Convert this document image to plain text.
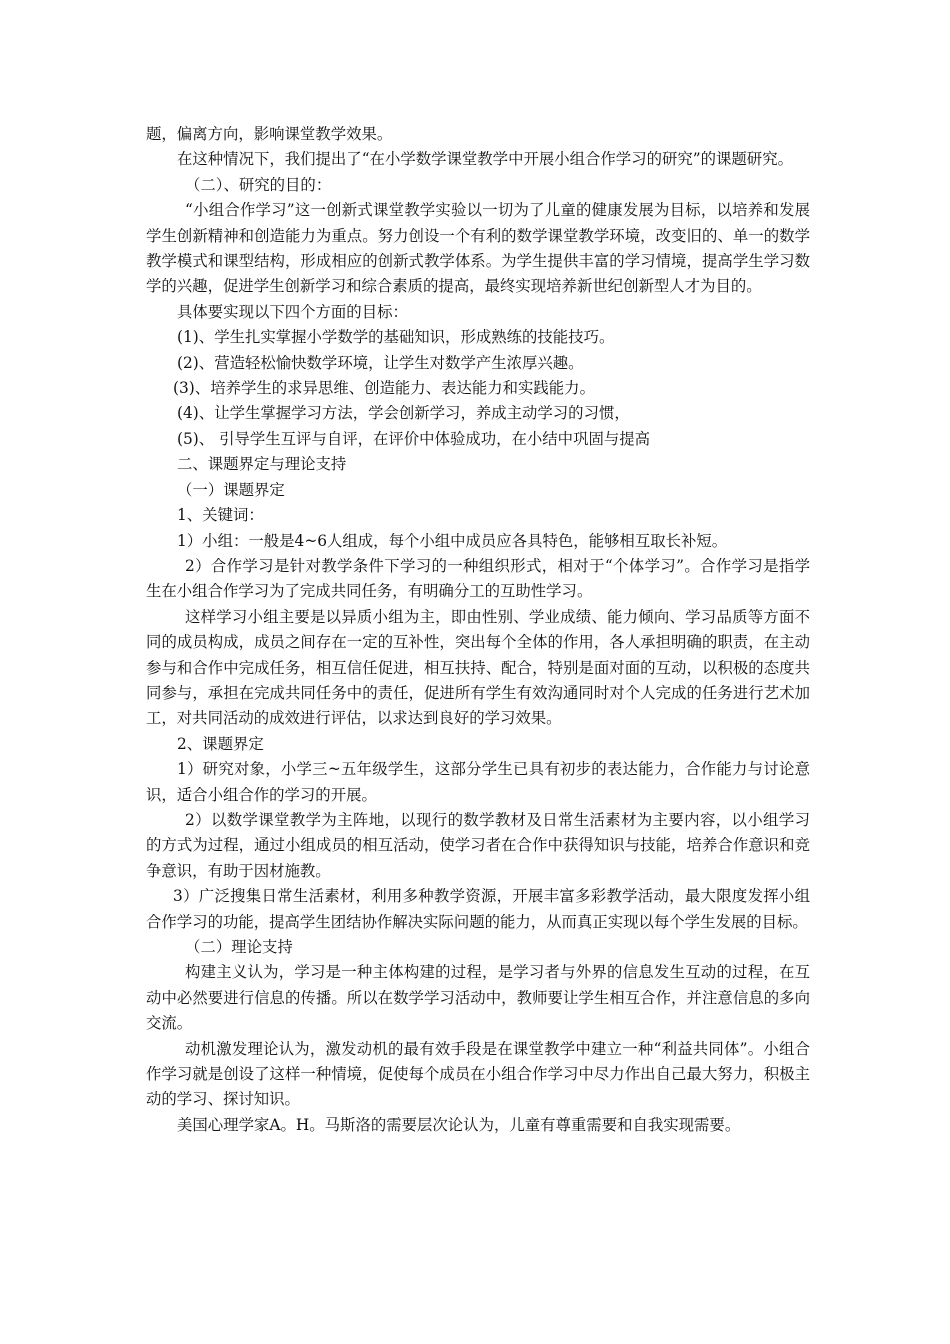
题，偏离方向，影响课堂教学效果。

在这种情况下，我们提出了“在小学数学课堂教学中开展小组合作学习的研究”的课题研究。

（二）、研究的目的：

“小组合作学习”这一创新式课堂教学实验以一切为了儿童的健康发展为目标，以培养和发展学生创新精神和创造能力为重点。努力创设一个有利的数学课堂教学环境，改变旧的、单一的数学教学模式和课型结构，形成相应的创新式教学体系。为学生提供丰富的学习情境，提高学生学习数学的兴趣，促进学生创新学习和综合素质的提高，最终实现培养新世纪创新型人才为目的。

具体要实现以下四个方面的目标：

(1)、学生扎实掌握小学数学的基础知识，形成熟练的技能技巧。

(2)、营造轻松愉快数学环境，让学生对数学产生浓厚兴趣。

(3)、培养学生的求异思维、创造能力、表达能力和实践能力。

(4)、让学生掌握学习方法，学会创新学习，养成主动学习的习惯，

(5)、 引导学生互评与自评，在评价中体验成功，在小结中巩固与提高

二、课题界定与理论支持

（一）课题界定

1、关键词：

1）小组：一般是4~6人组成，每个小组中成员应各具特色，能够相互取长补短。

2）合作学习是针对教学条件下学习的一种组织形式，相对于“个体学习”。合作学习是指学生在小组合作学习为了完成共同任务，有明确分工的互助性学习。

这样学习小组主要是以异质小组为主，即由性别、学业成绩、能力倾向、学习品质等方面不同的成员构成，成员之间存在一定的互补性，突出每个全体的作用，各人承担明确的职责，在主动参与和合作中完成任务，相互信任促进，相互扶持、配合，特别是面对面的互动，以积极的态度共同参与，承担在完成共同任务中的责任，促进所有学生有效沟通同时对个人完成的任务进行艺术加工，对共同活动的成效进行评估，以求达到良好的学习效果。

2、课题界定

1）研究对象，小学三~五年级学生，这部分学生已具有初步的表达能力，合作能力与讨论意识，适合小组合作的学习的开展。

2）以数学课堂教学为主阵地，以现行的数学教材及日常生活素材为主要内容，以小组学习的方式为过程，通过小组成员的相互活动，使学习者在合作中获得知识与技能，培养合作意识和竞争意识，有助于因材施教。

3）广泛搜集日常生活素材，利用多种教学资源，开展丰富多彩教学活动，最大限度发挥小组合作学习的功能，提高学生团结协作解决实际问题的能力，从而真正实现以每个学生发展的目标。

（二）理论支持

构建主义认为，学习是一种主体构建的过程，是学习者与外界的信息发生互动的过程，在互动中必然要进行信息的传播。所以在数学学习活动中，教师要让学生相互合作，并注意信息的多向交流。

动机激发理论认为，激发动机的最有效手段是在课堂教学中建立一种“利益共同体”。小组合作学习就是创设了这样一种情境，促使每个成员在小组合作学习中尽力作出自己最大努力，积极主动的学习、探讨知识。

美国心理学家A。H。马斯洛的需要层次论认为，儿童有尊重需要和自我实现需要。
